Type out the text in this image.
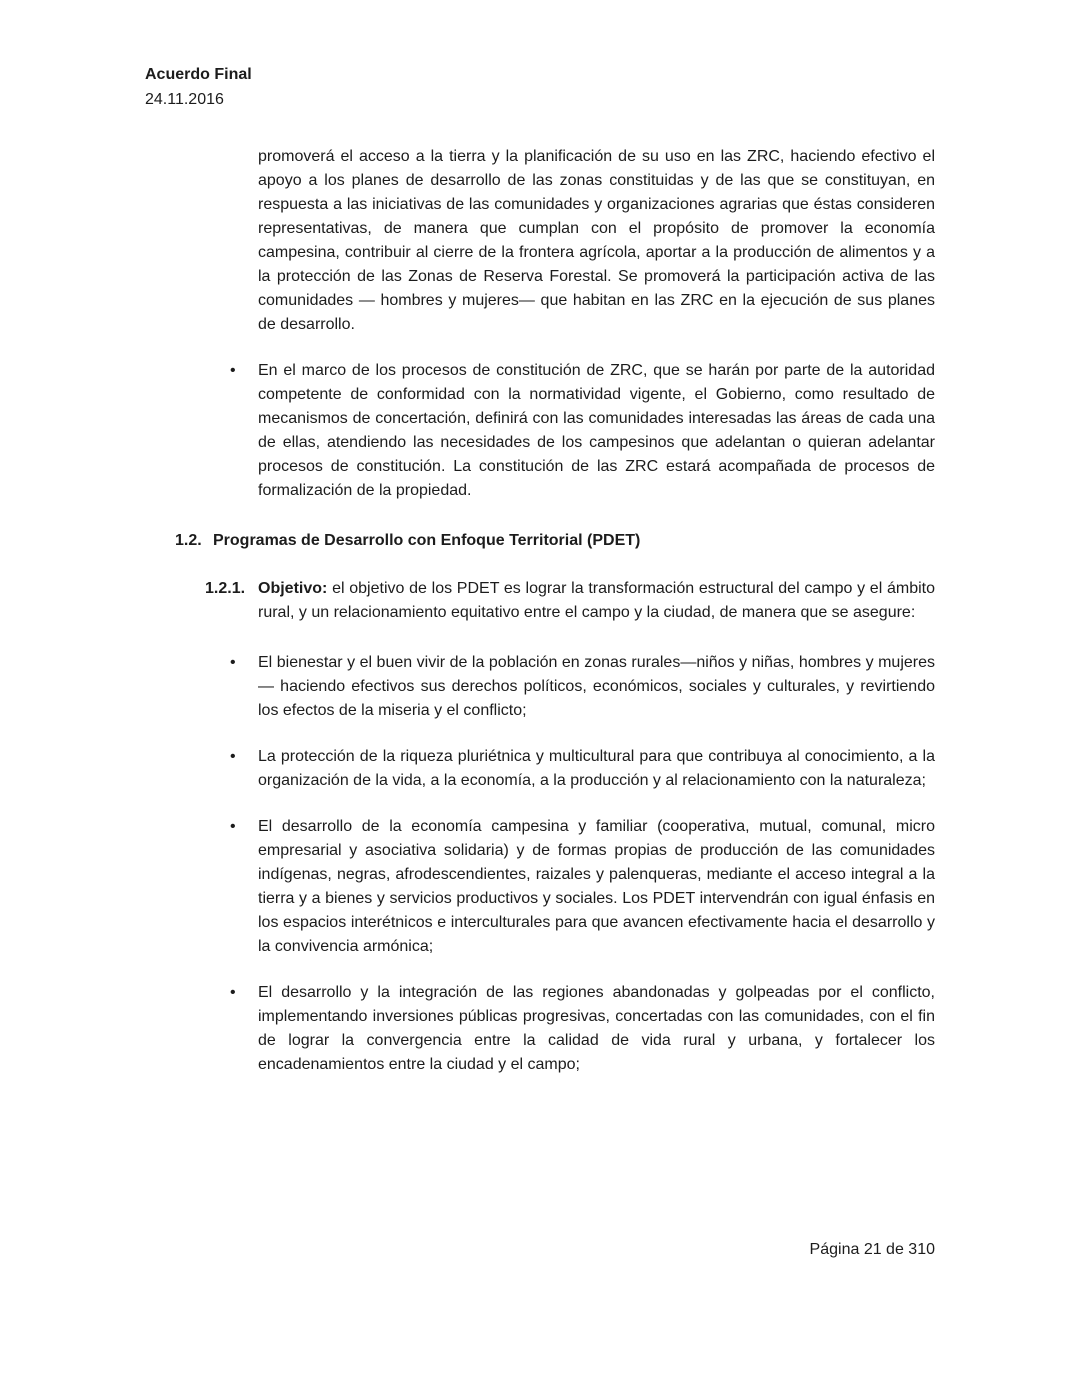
Acuerdo Final
24.11.2016

promoverá el acceso a la tierra y la planificación de su uso en las ZRC, haciendo efectivo el apoyo a los planes de desarrollo de las zonas constituidas y de las que se constituyan, en respuesta a las iniciativas de las comunidades y organizaciones agrarias que éstas consideren representativas, de manera que cumplan con el propósito de promover la economía campesina, contribuir al cierre de la frontera agrícola, aportar a la producción de alimentos y a la protección de las Zonas de Reserva Forestal. Se promoverá la participación activa de las comunidades — hombres y mujeres— que habitan en las ZRC en la ejecución de sus planes de desarrollo.

• En el marco de los procesos de constitución de ZRC, que se harán por parte de la autoridad competente de conformidad con la normatividad vigente, el Gobierno, como resultado de mecanismos de concertación, definirá con las comunidades interesadas las áreas de cada una de ellas, atendiendo las necesidades de los campesinos que adelantan o quieran adelantar procesos de constitución. La constitución de las ZRC estará acompañada de procesos de formalización de la propiedad.

1.2. Programas de Desarrollo con Enfoque Territorial (PDET)

1.2.1. Objetivo: el objetivo de los PDET es lograr la transformación estructural del campo y el ámbito rural, y un relacionamiento equitativo entre el campo y la ciudad, de manera que se asegure:

• El bienestar y el buen vivir de la población en zonas rurales—niños y niñas, hombres y mujeres— haciendo efectivos sus derechos políticos, económicos, sociales y culturales, y revirtiendo los efectos de la miseria y el conflicto;

• La protección de la riqueza pluriétnica y multicultural para que contribuya al conocimiento, a la organización de la vida, a la economía, a la producción y al relacionamiento con la naturaleza;

• El desarrollo de la economía campesina y familiar (cooperativa, mutual, comunal, micro empresarial y asociativa solidaria) y de formas propias de producción de las comunidades indígenas, negras, afrodescendientes, raizales y palenqueras, mediante el acceso integral a la tierra y a bienes y servicios productivos y sociales. Los PDET intervendrán con igual énfasis en los espacios interétnicos e interculturales para que avancen efectivamente hacia el desarrollo y la convivencia armónica;

• El desarrollo y la integración de las regiones abandonadas y golpeadas por el conflicto, implementando inversiones públicas progresivas, concertadas con las comunidades, con el fin de lograr la convergencia entre la calidad de vida rural y urbana, y fortalecer los encadenamientos entre la ciudad y el campo;

Página 21 de 310
